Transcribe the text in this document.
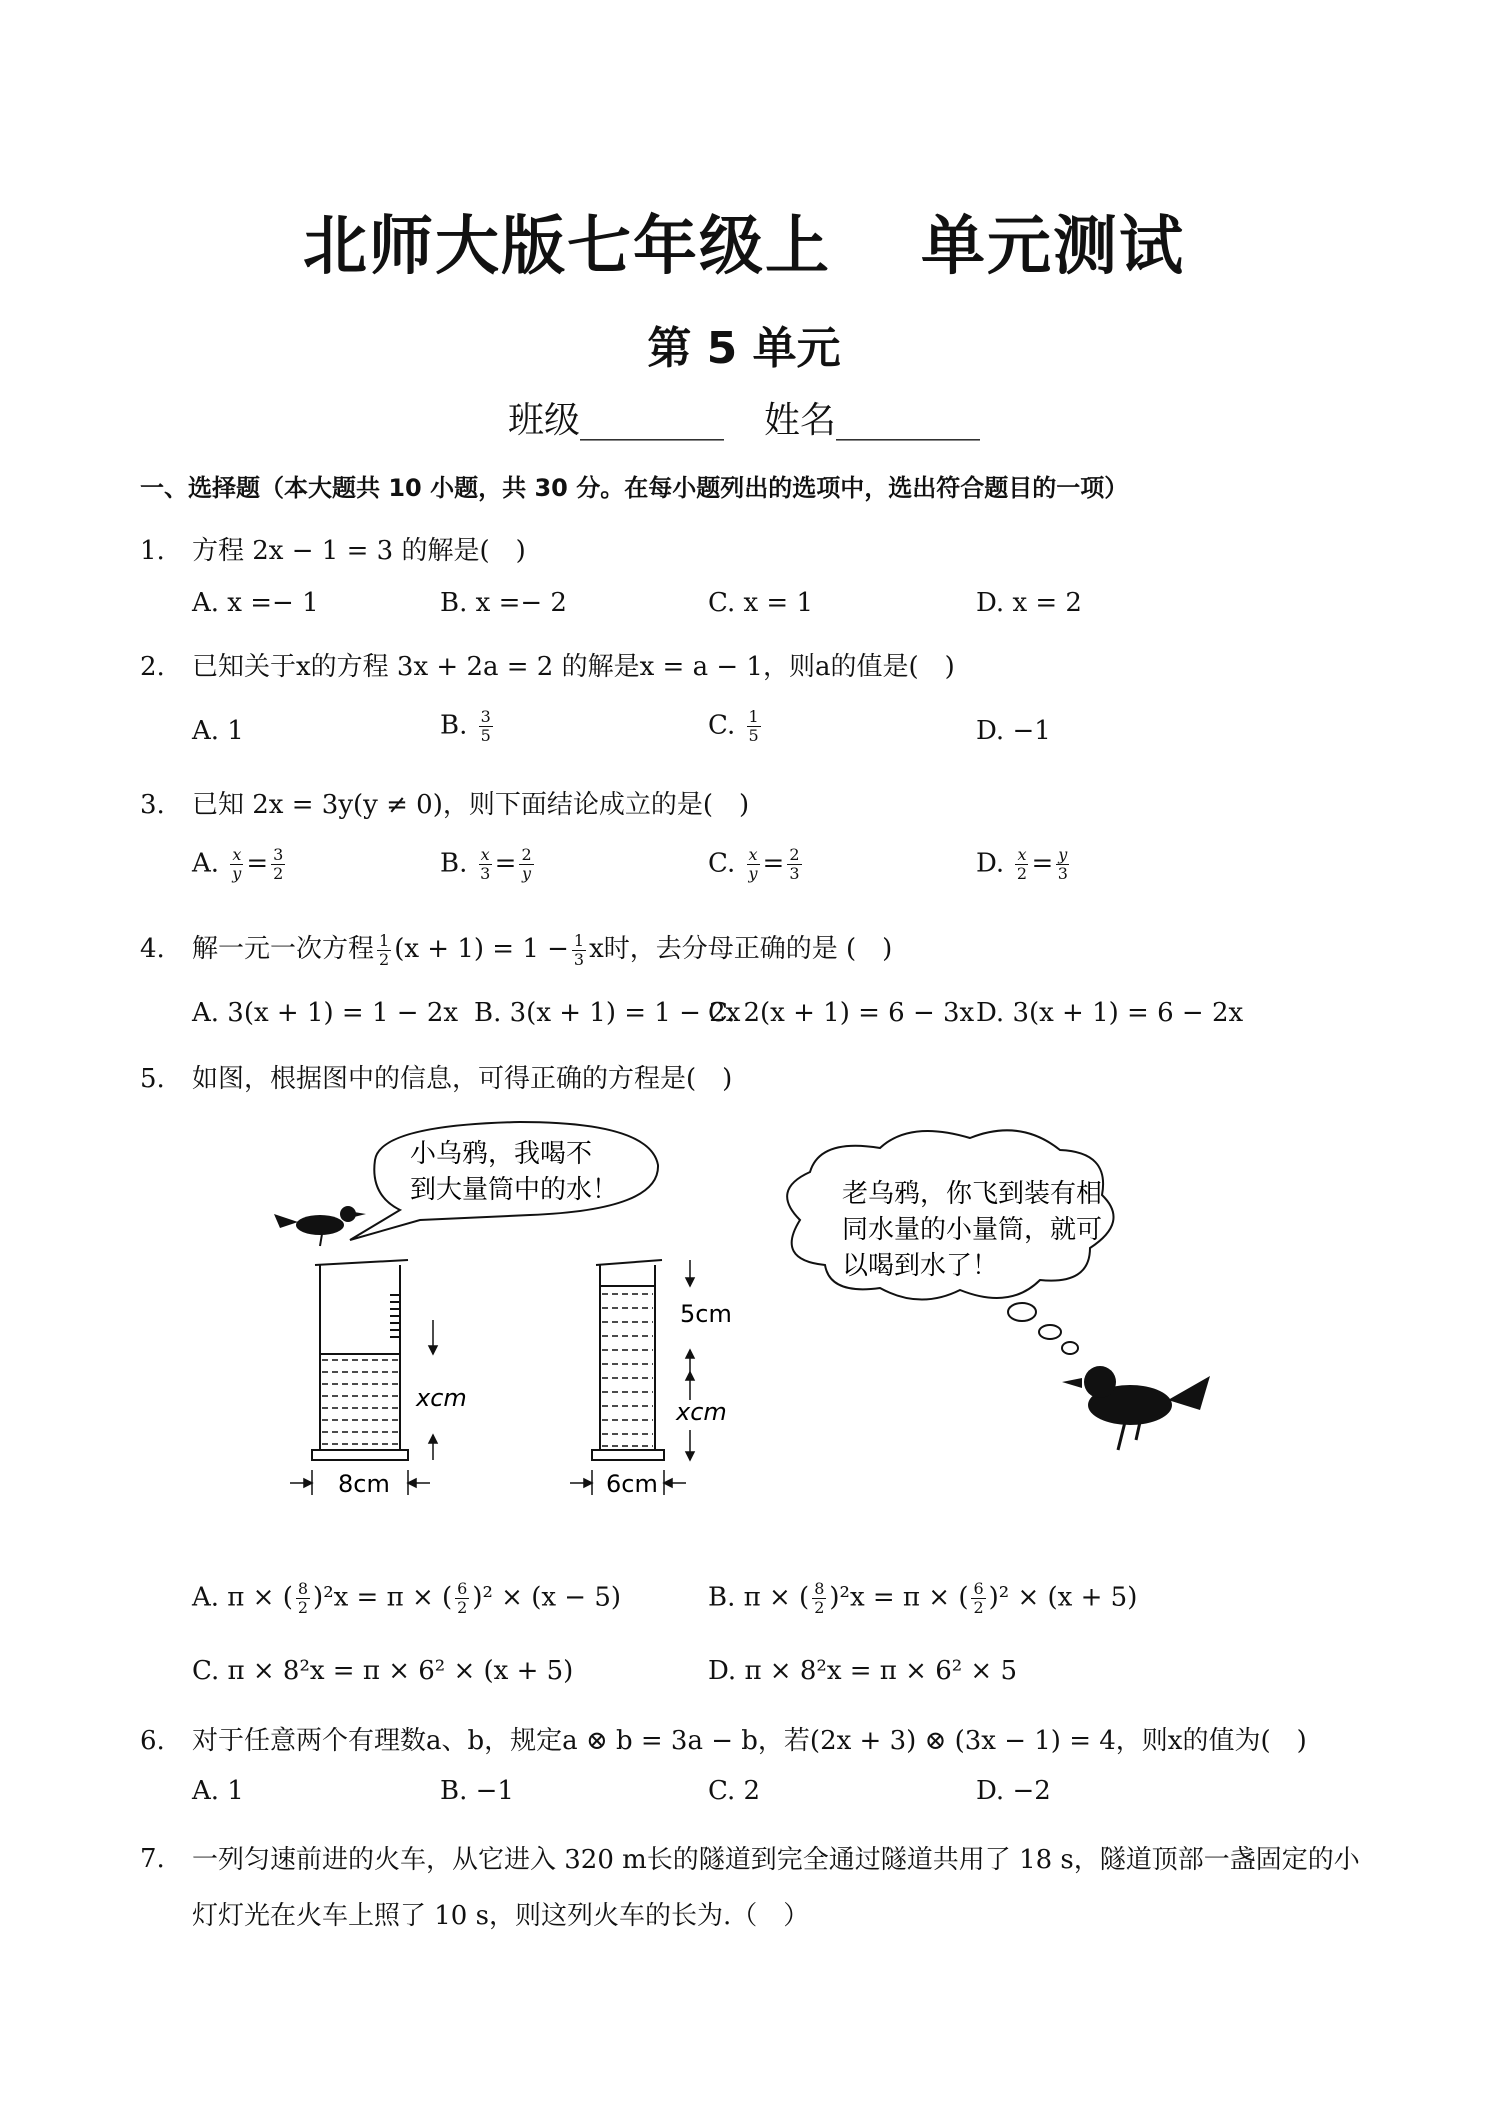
北师大版七年级上 单元测试
第 5 单元
班级________ 姓名________
一、选择题（本大题共 10 小题，共 30 分。在每小题列出的选项中，选出符合题目的一项）
1. 方程 2x − 1 = 3 的解是(　)
A. x =− 1	B. x =− 2	C. x = 1	D. x = 2
2. 已知关于x的方程 3x + 2a = 2 的解是x = a − 1，则a的值是(　)
A. 1	B. $\frac{3}{5}$	C. $\frac{1}{5}$	D. −1
3. 已知 2x = 3y(y ≠ 0)，则下面结论成立的是(　)
A. $\frac{x}{y} = \frac{3}{2}$	B. $\frac{x}{3} = \frac{2}{y}$	C. $\frac{x}{y} = \frac{2}{3}$	D. $\frac{x}{2} = \frac{y}{3}$
4. 解一元一次方程 $\frac{1}{2} (x + 1) = 1 - \frac{1}{3}$ x时，去分母正确的是 (　)
A. 3(x + 1) = 1 − 2x B. 3(x + 1) = 1 − 2x
C. 2(x + 1) = 6 − 3x D. 3(x + 1) = 6 − 2x
5. 如图，根据图中的信息，可得正确的方程是(　)
小乌鸦，我喝不
到大量筒中的水！
xcm
8cm
5cm
xcm
6cm
老乌鸦，你飞到装有相
同水量的小量筒，就可
以喝到水了！
A. π × ( $\frac{8}{2} )^2x = \pi$ × ( $\frac{6}{2} )^2 \times (x - 5)$	B. π × ( $\frac{8}{2} )^2x = \pi$ × ( $\frac{6}{2} )^2 \times (x + 5)$
C. π × 8²x = π × 6² × (x + 5)	D. π × 8²x = π × 6² × 5
6. 对于任意两个有理数a、b，规定a ⊗ b = 3a − b，若(2x + 3) ⊗ (3x − 1) = 4，则x的值为(　)
A. 1	B. −1	C. 2	D. −2
7. 一列匀速前进的火车，从它进入 320 m长的隧道到完全通过隧道共用了 18 s，隧道顶部一盏固定的小灯灯光在火车上照了 10 s，则这列火车的长为.（　）
